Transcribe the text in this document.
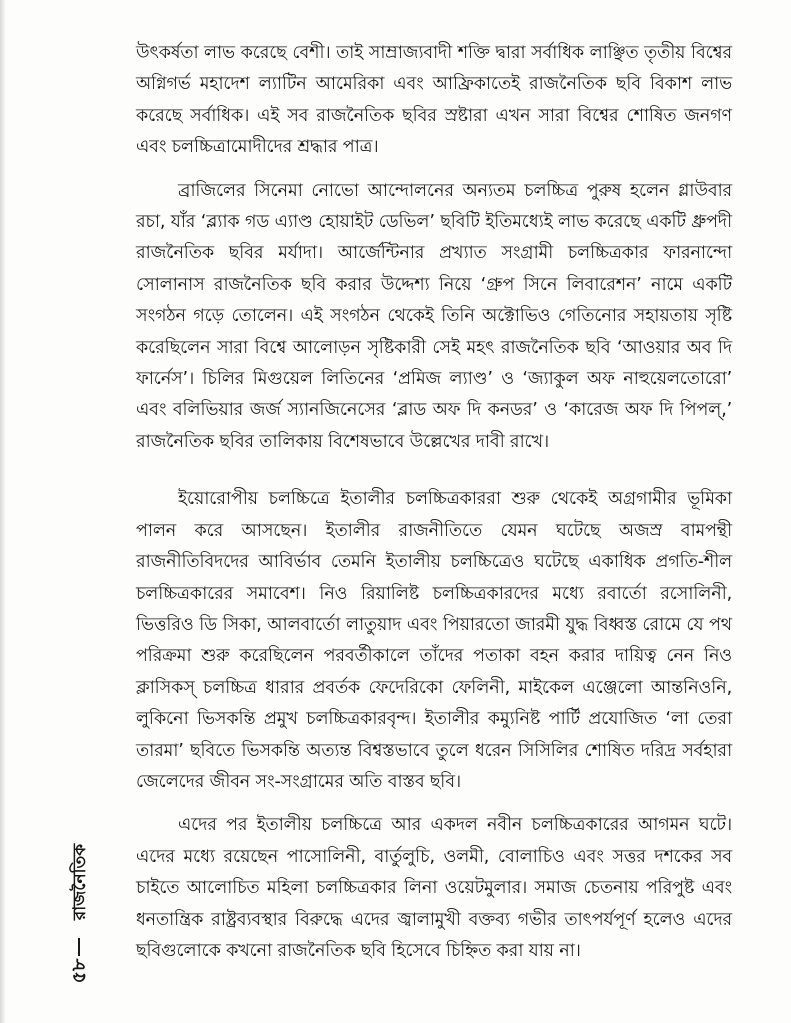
উৎকর্ষতা লাভ করেছে বেশী। তাই সাম্রাজ্যবাদী শক্তি দ্বারা সর্বাধিক লাঞ্ছিত তৃতীয় বিশ্বের অগ্নিগর্ভ মহাদেশ ল্যাটিন আমেরিকা এবং আফ্রিকাতেই রাজনৈতিক ছবি বিকাশ লাভ করেছে সর্বাধিক। এই সব রাজনৈতিক ছবির স্রষ্টারা এখন সারা বিশ্বের শোষিত জনগণ এবং চলচ্চিত্রামোদীদের শ্রদ্ধার পাত্র।

ব্রাজিলের সিনেমা নোভো আন্দোলনের অন্যতম চলচ্চিত্র পুরুষ হলেন গ্লাউবার রচা, যাঁর ‘ব্ল্যাক গড এ্যাণ্ড হোয়াইট ডেভিল’ ছবিটি ইতিমধ্যেই লাভ করেছে একটি ধ্রুপদী রাজনৈতিক ছবির মর্যাদা। আর্জেন্টিনার প্রখ্যাত সংগ্রামী চলচ্চিত্রকার ফারনান্দো সোলানাস রাজনৈতিক ছবি করার উদ্দেশ্য নিয়ে ‘গ্রুপ সিনে লিবারেশন’ নামে একটি সংগঠন গড়ে তোলেন। এই সংগঠন থেকেই তিনি অক্টোভিও গেতিনোর সহায়তায় সৃষ্টি করেছিলেন সারা বিশ্বে আলোড়ন সৃষ্টিকারী সেই মহৎ রাজনৈতিক ছবি ‘আওয়ার অব দি ফার্নেস’। চিলির মিগুয়েল লিতিনের ‘প্রমিজ ল্যাণ্ড’ ও ‘জ্যাকুল অফ নাহুয়েলতোরো’ এবং বলিভিয়ার জর্জ স্যানজিনেসের ‘ব্লাড অফ দি কনডর’ ও ‘কারেজ অফ দি পিপল্,’ রাজনৈতিক ছবির তালিকায় বিশেষভাবে উল্লেখের দাবী রাখে।

ইয়োরোপীয় চলচ্চিত্রে ইতালীর চলচ্চিত্রকাররা শুরু থেকেই অগ্রগামীর ভূমিকা পালন করে আসছেন। ইতালীর রাজনীতিতে যেমন ঘটেছে অজস্র বামপন্থী রাজনীতিবিদদের আবির্ভাব তেমনি ইতালীয় চলচ্চিত্রেও ঘটেছে একাধিক প্রগতি-শীল চলচ্চিত্রকারের সমাবেশ। নিও রিয়ালিষ্ট চলচ্চিত্রকারদের মধ্যে রবার্তো রসোলিনী, ভিত্তরিও ডি সিকা, আলবার্তো লাতুয়াদ এবং পিয়ারতো জারমী যুদ্ধ বিধ্বস্ত রোমে যে পথ পরিক্রমা শুরু করেছিলেন পরবর্তীকালে তাঁদের পতাকা বহন করার দায়িত্ব নেন নিও ক্লাসিকস্ চলচ্চিত্র ধারার প্রবর্তক ফেদেরিকো ফেলিনী, মাইকেল এঞ্জেলো আন্তনিওনি, লুকিনো ভিসকন্তি প্রমুখ চলচ্চিত্রকারবৃন্দ। ইতালীর কম্যুনিষ্ট পার্টি প্রযোজিত ‘লা তেরা তারমা’ ছবিতে ভিসকন্তি অত্যন্ত বিশ্বস্তভাবে তুলে ধরেন সিসিলির শোষিত দরিদ্র সর্বহারা জেলেদের জীবন সং-সংগ্রামের অতি বাস্তব ছবি।

এদের পর ইতালীয় চলচ্চিত্রে আর একদল নবীন চলচ্চিত্রকারের আগমন ঘটে। এদের মধ্যে রয়েছেন পাসোলিনী, বার্তুলুচি, ওলমী, বোলাচিও এবং সত্তর দশকের সব চাইতে আলোচিত মহিলা চলচ্চিত্রকার লিনা ওয়েটমুলার। সমাজ চেতনায় পরিপুষ্ট এবং ধনতান্ত্রিক রাষ্ট্রব্যবস্থার বিরুদ্ধে এদের জ্বালামুখী বক্তব্য গভীর তাৎপর্যপূর্ণ হলেও এদের ছবিগুলোকে কখনো রাজনৈতিক ছবি হিসেবে চিহ্নিত করা যায় না।

রাজনৈতিক
৫৮
